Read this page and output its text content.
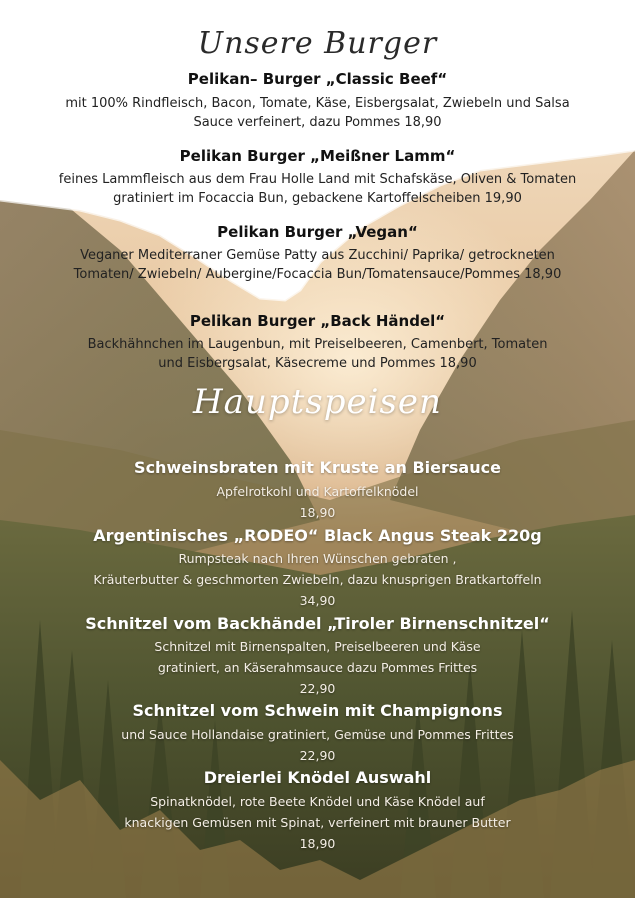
Unsere Burger
Pelikan– Burger „Classic Beef“
mit 100% Rindfleisch, Bacon, Tomate, Käse, Eisbergsalat, Zwiebeln und Salsa
Sauce verfeinert, dazu Pommes 18,90
Pelikan Burger „Meißner Lamm“
feines Lammfleisch aus dem Frau Holle Land mit Schafskäse, Oliven & Tomaten
gratiniert im Focaccia Bun, gebackene Kartoffelscheiben 19,90
Pelikan Burger „Vegan“
Veganer Mediterraner Gemüse Patty aus Zucchini/ Paprika/ getrockneten
Tomaten/ Zwiebeln/ Aubergine/Focaccia Bun/Tomatensauce/Pommes 18,90
Pelikan Burger „Back Händel“
Backhähnchen im Laugenbun, mit Preiselbeeren, Camenbert, Tomaten
und Eisbergsalat, Käsecreme und Pommes 18,90
Hauptspeisen
Schweinsbraten mit Kruste an Biersauce
Apfelrotkohl und Kartoffelknödel
18,90
Argentinisches „RODEO“ Black Angus Steak 220g
Rumpsteak nach Ihren Wünschen gebraten ,
Kräuterbutter & geschmorten Zwiebeln, dazu knusprigen Bratkartoffeln
34,90
Schnitzel vom Backhändel „Tiroler Birnenschnitzel“
Schnitzel mit Birnenspalten, Preiselbeeren und Käse
gratiniert, an Käserahmsauce dazu Pommes Frittes
22,90
Schnitzel vom Schwein mit Champignons
und Sauce Hollandaise gratiniert, Gemüse und Pommes Frittes
22,90
Dreierlei Knödel Auswahl
Spinatknödel, rote Beete Knödel und Käse Knödel auf
knackigen Gemüsen mit Spinat, verfeinert mit brauner Butter
18,90
